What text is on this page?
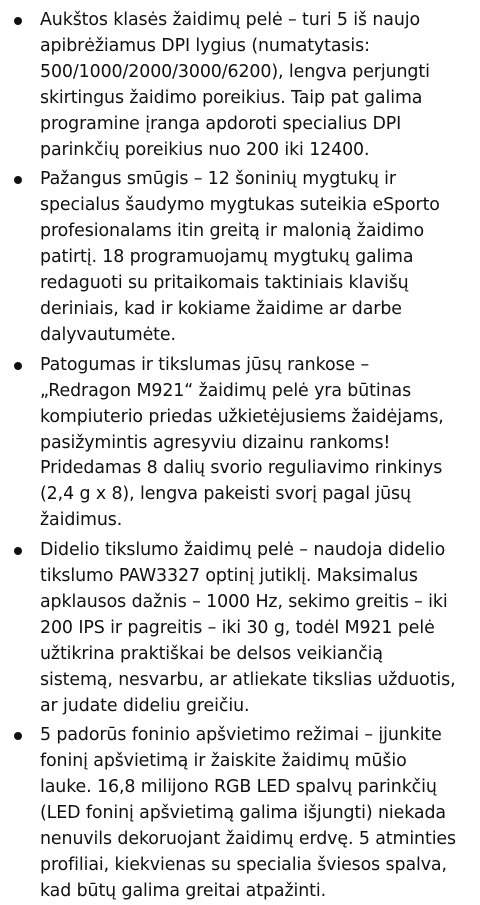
Aukštos klasės žaidimų pelė – turi 5 iš naujo apibrėžiamus DPI lygius (numatytasis: 500/1000/2000/3000/6200), lengva perjungti skirtingus žaidimo poreikius. Taip pat galima programine įranga apdoroti specialius DPI parinkčių poreikius nuo 200 iki 12400.
Pažangus smūgis – 12 šoninių mygtukų ir specialus šaudymo mygtukas suteikia eSporto profesionalams itin greitą ir malonią žaidimo patirtį. 18 programuojamų mygtukų galima redaguoti su pritaikomais taktiniais klavišų deriniais, kad ir kokiame žaidime ar darbe dalyvautumėte.
Patogumas ir tikslumas jūsų rankose – „Redragon M921“ žaidimų pelė yra būtinas kompiuterio priedas užkietėjusiems žaidėjams, pasižymintis agresyviu dizainu rankoms! Pridedamas 8 dalių svorio reguliavimo rinkinys (2,4 g x 8), lengva pakeisti svorį pagal jūsų žaidimus.
Didelio tikslumo žaidimų pelė – naudoja didelio tikslumo PAW3327 optinį jutiklį. Maksimalus apklausos dažnis – 1000 Hz, sekimo greitis – iki 200 IPS ir pagreitis – iki 30 g, todėl M921 pelė užtikrina praktiškai be delsos veikiančią sistemą, nesvarbu, ar atliekate tikslias užduotis, ar judate dideliu greičiu.
5 padorūs foninio apšvietimo režimai – įjunkite foninį apšvietimą ir žaiskite žaidimų mūšio lauke. 16,8 milijono RGB LED spalvų parinkčių (LED foninį apšvietimą galima išjungti) niekada nenuvils dekoruojant žaidimų erdvę. 5 atminties profiliai, kiekvienas su specialia šviesos spalva, kad būtų galima greitai atpažinti.
